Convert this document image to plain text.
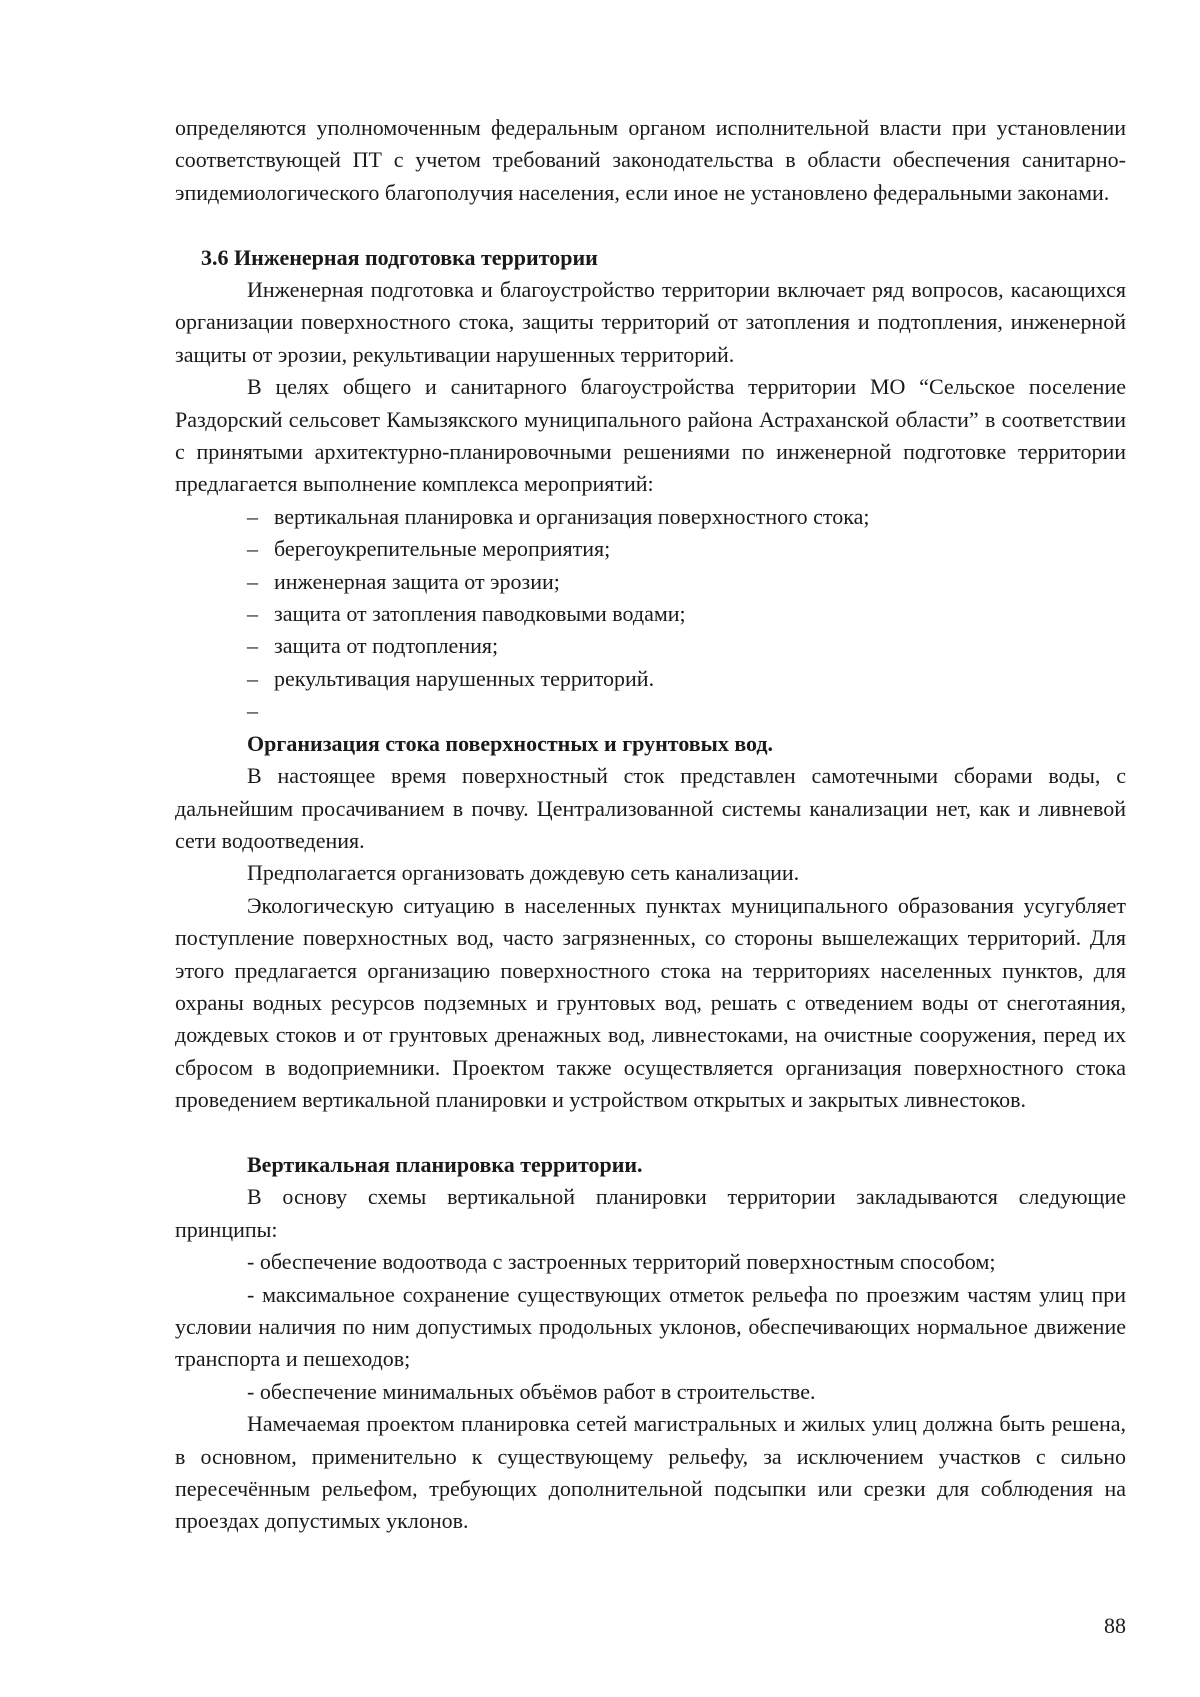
определяются уполномоченным федеральным органом исполнительной власти при установлении соответствующей ПТ с учетом требований законодательства в области обеспечения санитарно-эпидемиологического благополучия населения, если иное не установлено федеральными законами.

3.6 Инженерная подготовка территории

Инженерная подготовка и благоустройство территории включает ряд вопросов, касающихся организации поверхностного стока, защиты территорий от затопления и подтопления, инженерной защиты от эрозии, рекультивации нарушенных территорий.

В целях общего и санитарного благоустройства территории МО “Сельское поселение Раздорский сельсовет Камызякского муниципального района Астраханской области” в соответствии с принятыми архитектурно-планировочными решениями по инженерной подготовке территории предлагается выполнение комплекса мероприятий:

– вертикальная планировка и организация поверхностного стока;
– берегоукрепительные мероприятия;
– инженерная защита от эрозии;
– защита от затопления паводковыми водами;
– защита от подтопления;
– рекультивация нарушенных территорий.
–

Организация стока поверхностных и грунтовых вод.

В настоящее время поверхностный сток представлен самотечными сборами воды, с дальнейшим просачиванием в почву. Централизованной системы канализации нет, как и ливневой сети водоотведения.

Предполагается организовать дождевую сеть канализации.

Экологическую ситуацию в населенных пунктах муниципального образования усугубляет поступление поверхностных вод, часто загрязненных, со стороны вышележащих территорий. Для этого предлагается организацию поверхностного стока на территориях населенных пунктов, для охраны водных ресурсов подземных и грунтовых вод, решать с отведением воды от снеготаяния, дождевых стоков и от грунтовых дренажных вод, ливнестоками, на очистные сооружения, перед их сбросом в водоприемники. Проектом также осуществляется организация поверхностного стока проведением вертикальной планировки и устройством открытых и закрытых ливнестоков.

Вертикальная планировка территории.

В основу схемы вертикальной планировки территории закладываются следующие принципы:

- обеспечение водоотвода с застроенных территорий поверхностным способом;

- максимальное сохранение существующих отметок рельефа по проезжим частям улиц при условии наличия по ним допустимых продольных уклонов, обеспечивающих нормальное движение транспорта и пешеходов;

- обеспечение минимальных объёмов работ в строительстве.

Намечаемая проектом планировка сетей магистральных и жилых улиц должна быть решена, в основном, применительно к существующему рельефу, за исключением участков с сильно пересечённым рельефом, требующих дополнительной подсыпки или срезки для соблюдения на проездах допустимых уклонов.

88
